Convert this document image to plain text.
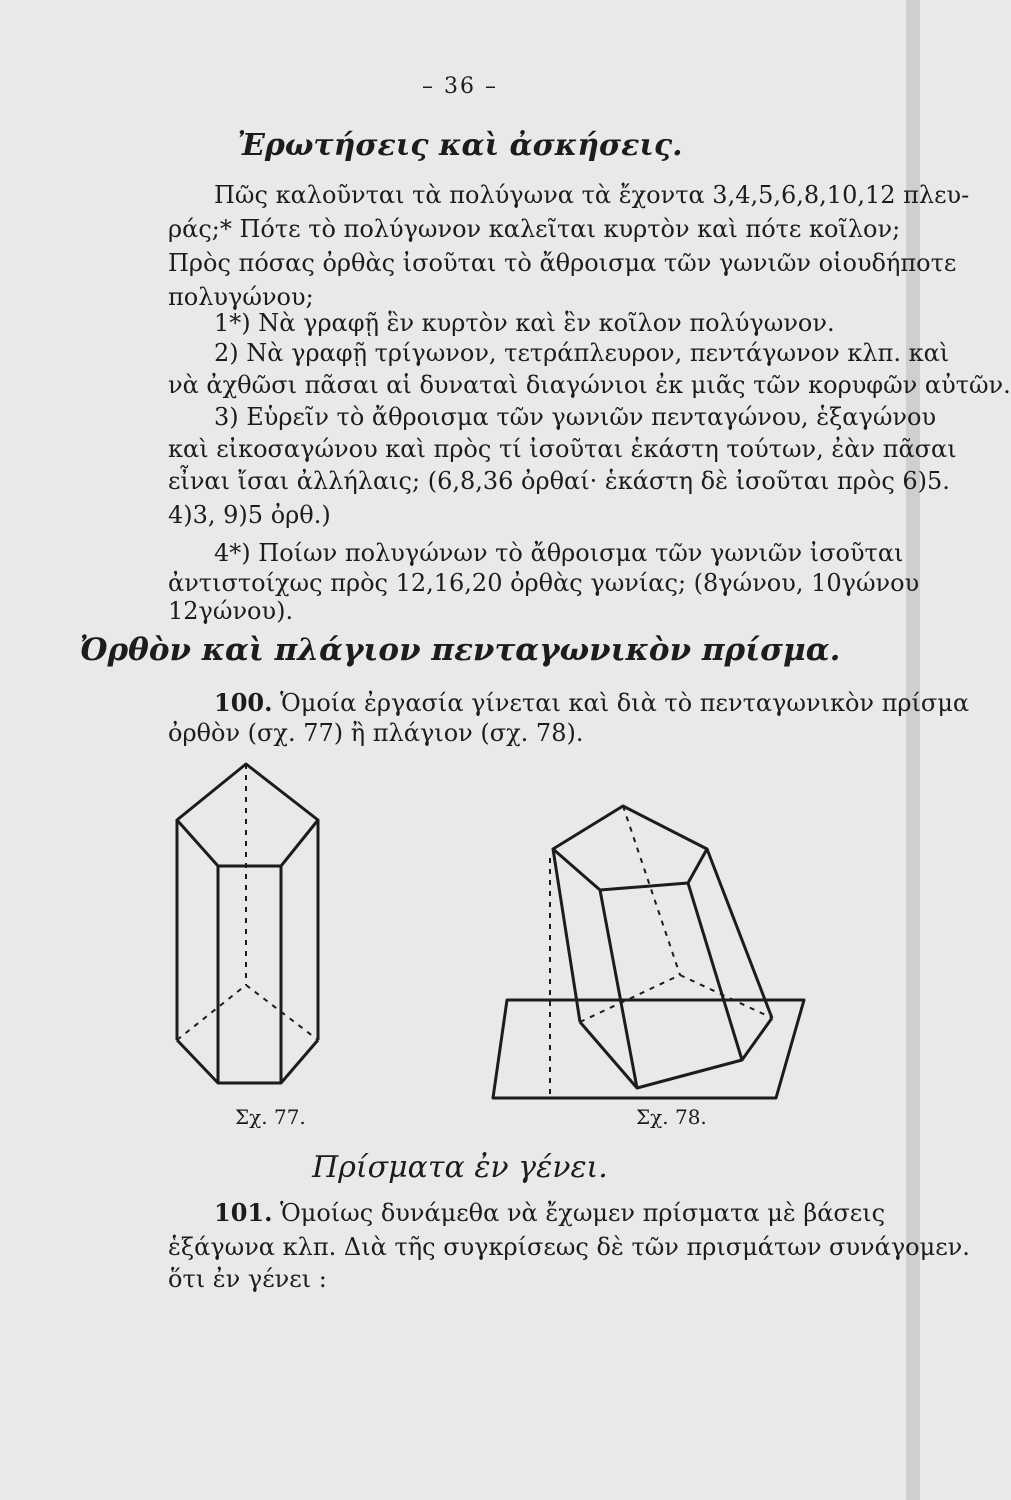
– 36 –
Ἐρωτήσεις καὶ ἀσκήσεις.
Πῶς καλοῦνται τὰ πολύγωνα τὰ ἔχοντα 3,4,5,6,8,10,12 πλευ-
ράς;* Πότε τὸ πολύγωνον καλεῖται κυρτὸν καὶ πότε κοῖλον;
Πρὸς πόσας ὀρθὰς ἰσοῦται τὸ ἄθροισμα τῶν γωνιῶν οἱουδήποτε
πολυγώνου;
1*) Νὰ γραφῇ ἓν κυρτὸν καὶ ἓν κοῖλον πολύγωνον.
2) Νὰ γραφῇ τρίγωνον, τετράπλευρον, πεντάγωνον κλπ. καὶ
νὰ ἀχθῶσι πᾶσαι αἱ δυναταὶ διαγώνιοι ἐκ μιᾶς τῶν κορυφῶν αὐτῶν.
3) Εὑρεῖν τὸ ἄθροισμα τῶν γωνιῶν πενταγώνου, ἑξαγώνου
καὶ εἰκοσαγώνου καὶ πρὸς τί ἰσοῦται ἑκάστη τούτων, ἐὰν πᾶσαι
εἶναι ἴσαι ἀλλήλαις; (6,8,36 ὀρθαί· ἑκάστη δὲ ἰσοῦται πρὸς 6)5.
4)3, 9)5 ὀρθ.)
4*) Ποίων πολυγώνων τὸ ἄθροισμα τῶν γωνιῶν ἰσοῦται
ἀντιστοίχως πρὸς 12,16,20 ὀρθὰς γωνίας; (8γώνου, 10γώνου
12γώνου).
Ὀρθὸν καὶ πλάγιον πενταγωνικὸν πρίσμα.
100. Ὁμοία ἐργασία γίνεται καὶ διὰ τὸ πενταγωνικὸν πρίσμα
ὀρθὸν (σχ. 77) ἢ πλάγιον (σχ. 78).
Σχ. 77.	Σχ. 78.
Πρίσματα ἐν γένει.
101. Ὁμοίως δυνάμεθα νὰ ἔχωμεν πρίσματα μὲ βάσεις
ἑξάγωνα κλπ. Διὰ τῆς συγκρίσεως δὲ τῶν πρισμάτων συνάγομεν.
ὅτι ἐν γένει :
